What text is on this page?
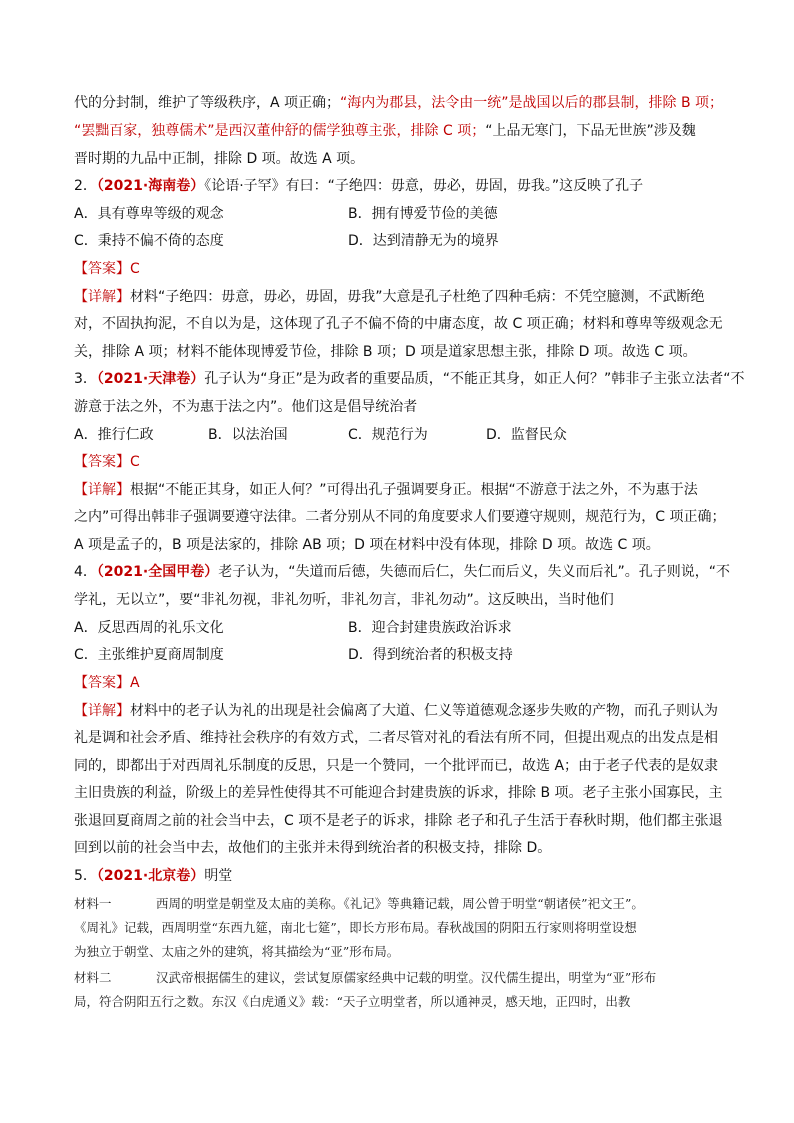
代的分封制，维护了等级秩序，A 项正确；“海内为郡县，法令由一统”是战国以后的郡县制，排除 B 项；
“罢黜百家，独尊儒术”是西汉董仲舒的儒学独尊主张，排除 C 项；“上品无寒门，下品无世族”涉及魏
晋时期的九品中正制，排除 D 项。故选 A 项。
2．（2021·海南卷）《论语·子罕》有曰：“子绝四：毋意，毋必，毋固，毋我。”这反映了孔子
A．具有尊卑等级的观念	B．拥有博爱节俭的美德
C．秉持不偏不倚的态度	D．达到清静无为的境界
【答案】C
【详解】材料“子绝四：毋意，毋必，毋固，毋我”大意是孔子杜绝了四种毛病：不凭空臆测，不武断绝
对，不固执拘泥，不自以为是，这体现了孔子不偏不倚的中庸态度，故 C 项正确；材料和尊卑等级观念无
关，排除 A 项；材料不能体现博爱节俭，排除 B 项；D 项是道家思想主张，排除 D 项。故选 C 项。
3．（2021·天津卷）孔子认为“身正”是为政者的重要品质，“不能正其身，如正人何？”韩非子主张立法者“不
游意于法之外，不为惠于法之内”。他们这是倡导统治者
A．推行仁政	B．以法治国	C．规范行为	D．监督民众
【答案】C
【详解】根据“不能正其身，如正人何？”可得出孔子强调要身正。根据“不游意于法之外，不为惠于法
之内”可得出韩非子强调要遵守法律。二者分别从不同的角度要求人们要遵守规则，规范行为，C 项正确；
A 项是孟子的，B 项是法家的，排除 AB 项；D 项在材料中没有体现，排除 D 项。故选 C 项。
4．（2021·全国甲卷）老子认为，“失道而后德，失德而后仁，失仁而后义，失义而后礼”。孔子则说，“不
学礼，无以立”，要“非礼勿视，非礼勿听，非礼勿言，非礼勿动”。这反映出，当时他们
A．反思西周的礼乐文化	B．迎合封建贵族政治诉求
C．主张维护夏商周制度	D．得到统治者的积极支持
【答案】A
【详解】材料中的老子认为礼的出现是社会偏离了大道、仁义等道德观念逐步失败的产物，而孔子则认为
礼是调和社会矛盾、维持社会秩序的有效方式，二者尽管对礼的看法有所不同，但提出观点的出发点是相
同的，即都出于对西周礼乐制度的反思，只是一个赞同，一个批评而已，故选 A；由于老子代表的是奴隶
主旧贵族的利益，阶级上的差异性使得其不可能迎合封建贵族的诉求，排除 B 项。老子主张小国寡民，主
张退回夏商周之前的社会当中去，C 项不是老子的诉求，排除 老子和孔子生活于春秋时期，他们都主张退
回到以前的社会当中去，故他们的主张并未得到统治者的积极支持，排除 D。
5．（2021·北京卷）明堂
材料一	西周的明堂是朝堂及太庙的美称。《礼记》等典籍记载，周公曾于明堂“朝诸侯”祀文王”。
《周礼》记载，西周明堂“东西九筵，南北七筵”，即长方形布局。春秋战国的阴阳五行家则将明堂设想
为独立于朝堂、太庙之外的建筑，将其描绘为“亚”形布局。
材料二	汉武帝根据儒生的建议，尝试复原儒家经典中记载的明堂。汉代儒生提出，明堂为“亚”形布
局，符合阴阳五行之数。东汉《白虎通义》载：“天子立明堂者，所以通神灵，感天地，正四时，出教
